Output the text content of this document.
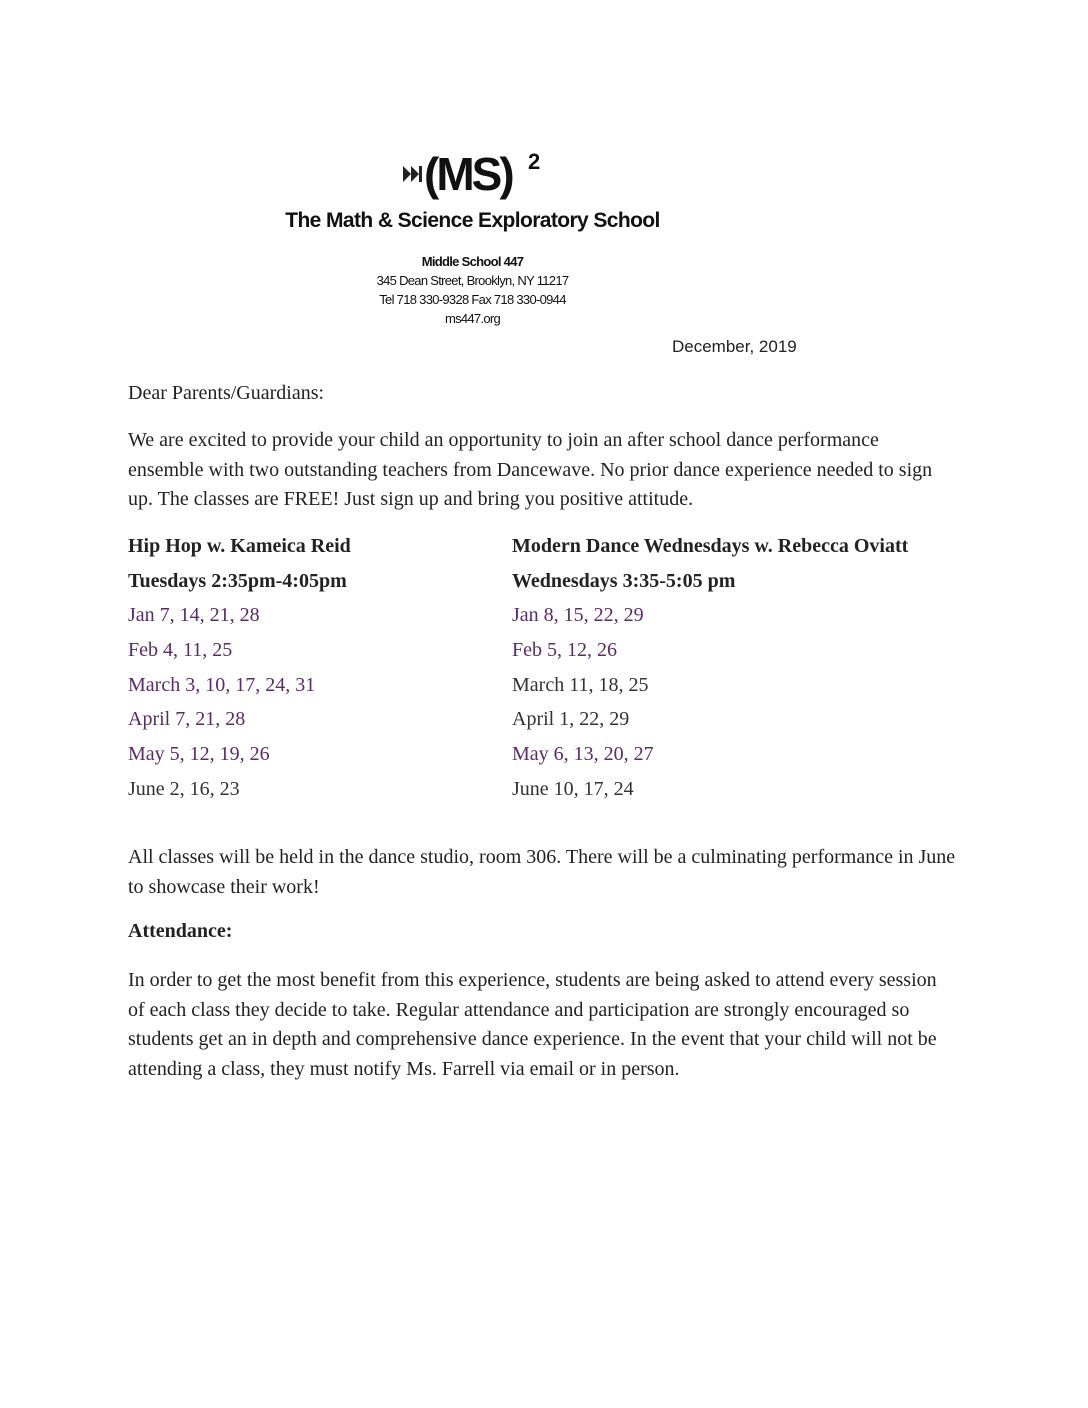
(MS) 2
The Math & Science Exploratory School
Middle School 447
345 Dean Street, Brooklyn, NY 11217
Tel 718 330-9328 Fax 718 330-0944
ms447.org
December, 2019
Dear Parents/Guardians:

We are excited to provide your child an opportunity to join an after school dance performance ensemble with two outstanding teachers from Dancewave. No prior dance experience needed to sign up. The classes are FREE! Just sign up and bring you positive attitude.

Hip Hop w. Kameica Reid
Tuesdays 2:35pm-4:05pm
Jan 7, 14, 21, 28
Feb 4, 11, 25
March 3, 10, 17, 24, 31
April 7, 21, 28
May 5, 12, 19, 26
June 2, 16, 23
Modern Dance Wednesdays w. Rebecca Oviatt
Wednesdays 3:35-5:05 pm
Jan 8, 15, 22, 29
Feb 5, 12, 26
March 11, 18, 25
April 1, 22, 29
May 6, 13, 20, 27
June 10, 17, 24

All classes will be held in the dance studio, room 306. There will be a culminating performance in June to showcase their work!

Attendance:

In order to get the most benefit from this experience, students are being asked to attend every session of each class they decide to take. Regular attendance and participation are strongly encouraged so students get an in depth and comprehensive dance experience. In the event that your child will not be attending a class, they must notify Ms. Farrell via email or in person.
